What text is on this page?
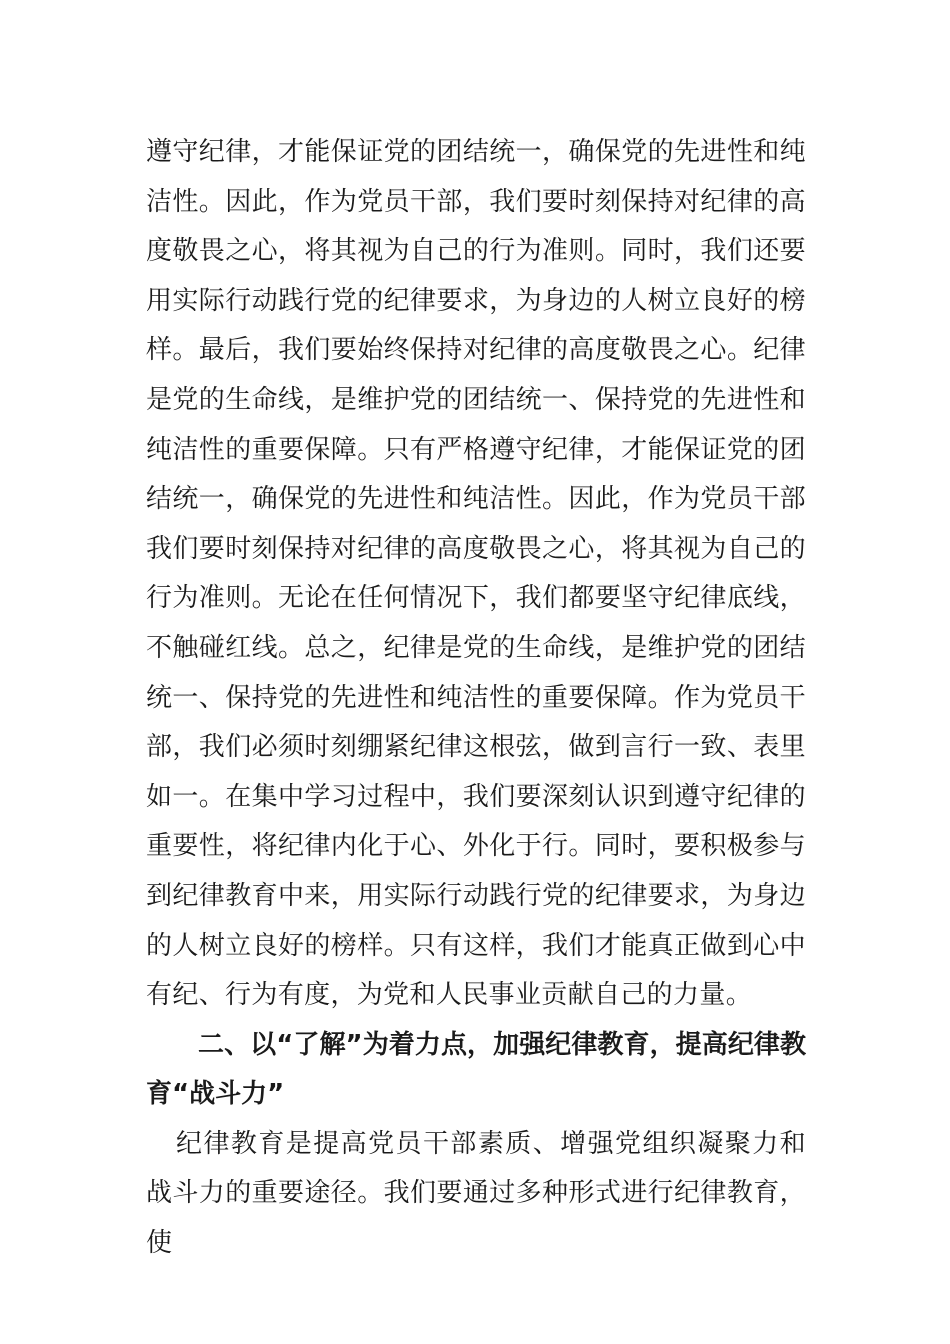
遵守纪律，才能保证党的团结统一，确保党的先进性和纯洁性。因此，作为党员干部，我们要时刻保持对纪律的高度敬畏之心，将其视为自己的行为准则。同时，我们还要用实际行动践行党的纪律要求，为身边的人树立良好的榜样。最后，我们要始终保持对纪律的高度敬畏之心。纪律是党的生命线，是维护党的团结统一、保持党的先进性和纯洁性的重要保障。只有严格遵守纪律，才能保证党的团结统一，确保党的先进性和纯洁性。因此，作为党员干部我们要时刻保持对纪律的高度敬畏之心，将其视为自己的行为准则。无论在任何情况下，我们都要坚守纪律底线，不触碰红线。总之，纪律是党的生命线，是维护党的团结统一、保持党的先进性和纯洁性的重要保障。作为党员干部，我们必须时刻绷紧纪律这根弦，做到言行一致、表里如一。在集中学习过程中，我们要深刻认识到遵守纪律的重要性，将纪律内化于心、外化于行。同时，要积极参与到纪律教育中来，用实际行动践行党的纪律要求，为身边的人树立良好的榜样。只有这样，我们才能真正做到心中有纪、行为有度，为党和人民事业贡献自己的力量。

二、以“了解”为着力点，加强纪律教育，提高纪律教育“战斗力”

纪律教育是提高党员干部素质、增强党组织凝聚力和战斗力的重要途径。我们要通过多种形式进行纪律教育，使
